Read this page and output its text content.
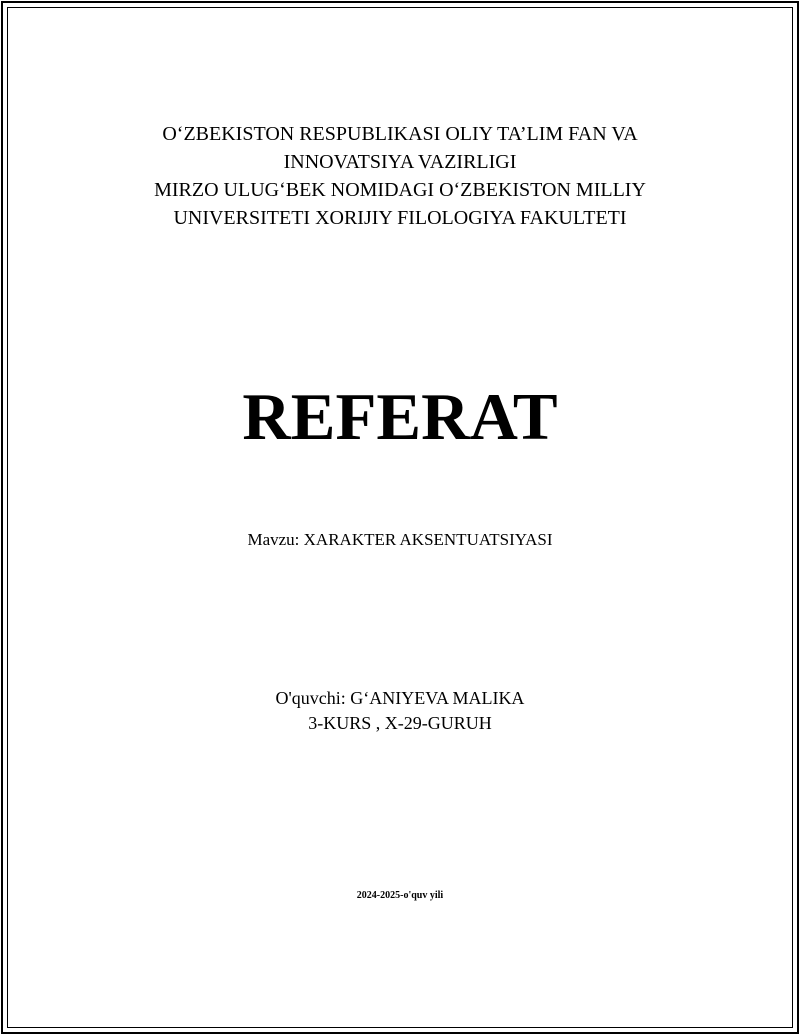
O‘ZBEKISTON RESPUBLIKASI OLIY TA’LIM FAN VA
INNOVATSIYA VAZIRLIGI
MIRZO ULUG‘BEK NOMIDAGI O‘ZBEKISTON MILLIY
UNIVERSITETI XORIJIY FILOLOGIYA FAKULTETI
REFERAT
Mavzu: XARAKTER AKSENTUATSIYASI
O'quvchi: G‘ANIYEVA MALIKA
3-KURS , X-29-GURUH
2024-2025-o'quv yili
